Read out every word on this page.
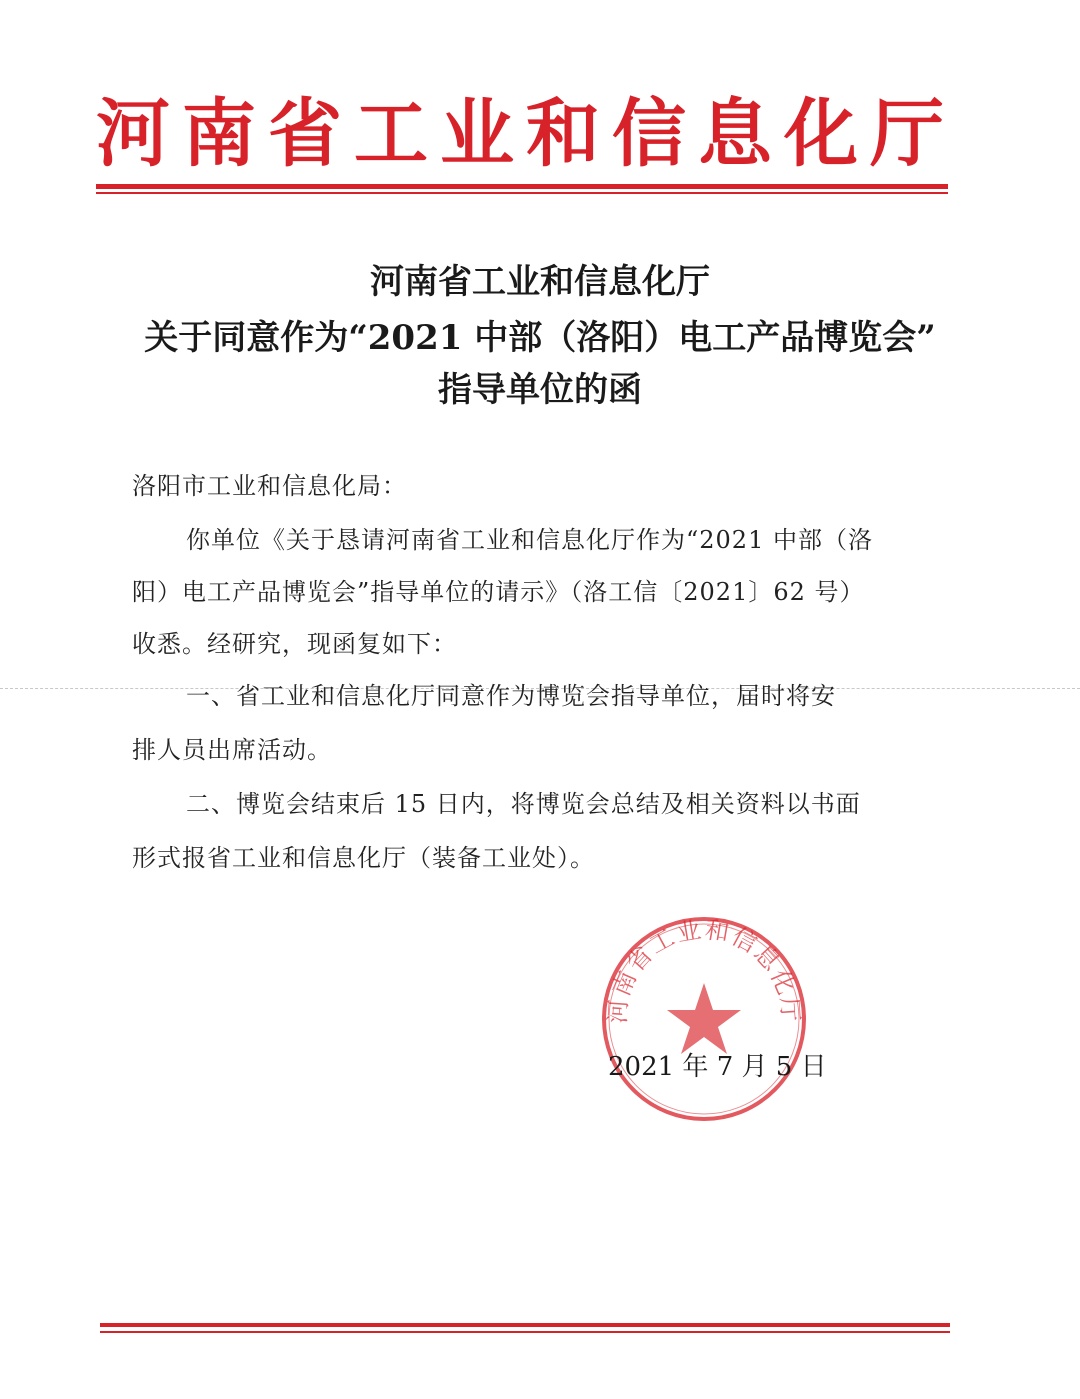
河南省工业和信息化厅
河南省工业和信息化厅
关于同意作为“2021 中部（洛阳）电工产品博览会”
指导单位的函
洛阳市工业和信息化局：
你单位《关于恳请河南省工业和信息化厅作为“2021 中部（洛
阳）电工产品博览会”指导单位的请示》（洛工信〔2021〕62 号）
收悉。经研究，现函复如下：
一、省工业和信息化厅同意作为博览会指导单位，届时将安
排人员出席活动。
二、博览会结束后 15 日内，将博览会总结及相关资料以书面
形式报省工业和信息化厅（装备工业处）。
河南省工业和信息化厅
2021 年 7 月 5 日
